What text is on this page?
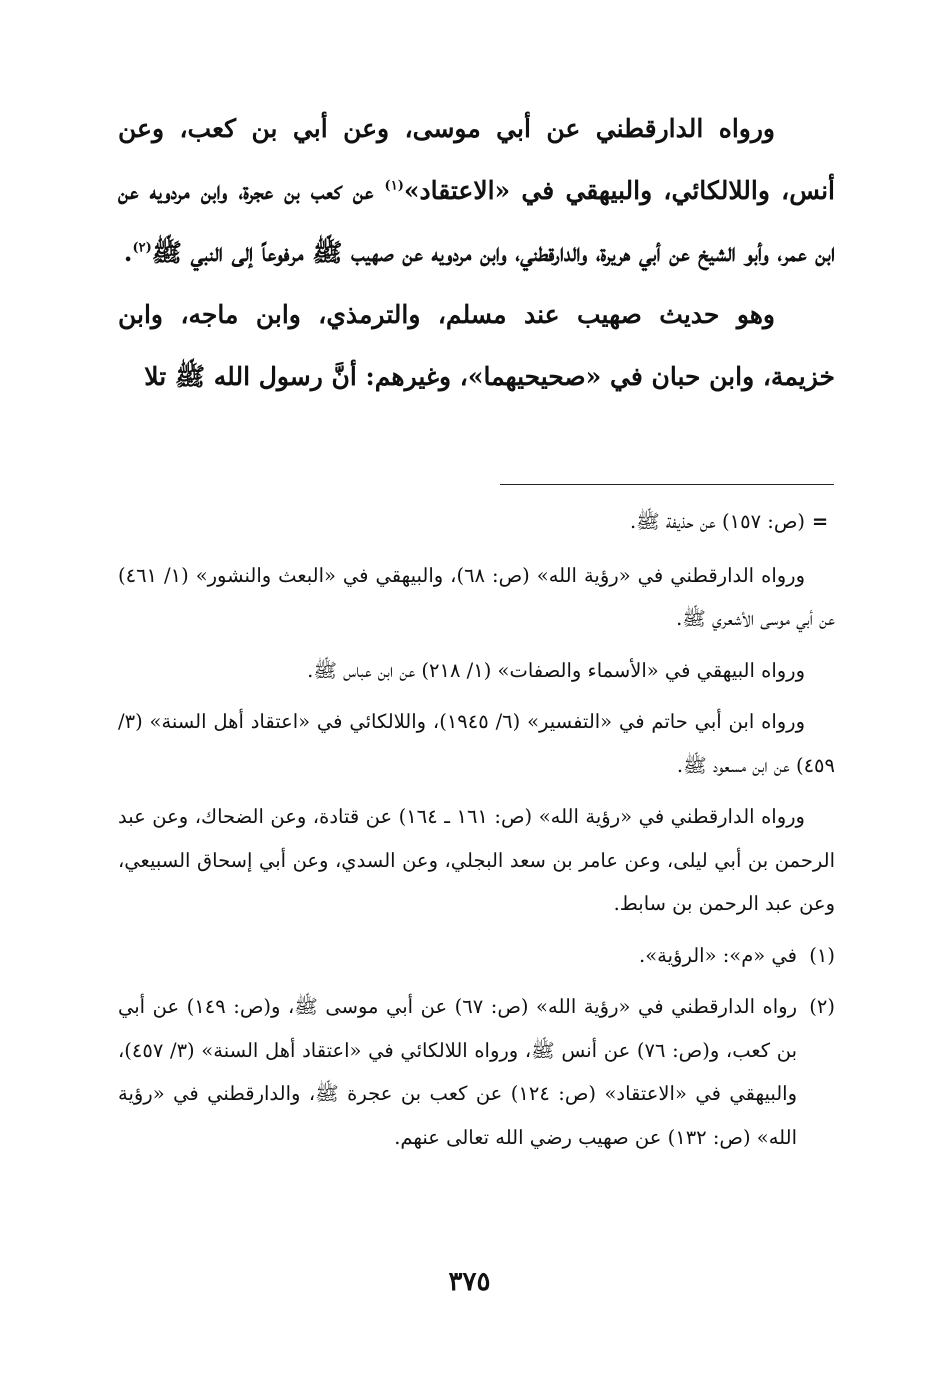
ورواه الدارقطني عن أبي موسى، وعن أبي بن كعب، وعن أنس، واللالكائي، والبيهقي في «الاعتقاد»$^{(١)}$ عن كعب بن عجرة، وابن مردويه عن ابن عمر، وأبو الشيخ عن أبي هريرة، والدارقطني، وابن مردويه عن صهيب ﷺ مرفوعاً إلى النبي ﷺ$^{(٢)}$.

وهو حديث صهيب عند مسلم، والترمذي، وابن ماجه، وابن خزيمة، وابن حبان في «صحيحيهما»، وغيرهم: أنَّ رسول الله ﷺ تلا

=(ص: ١٥٧) عن حذيفة ﷺ.

ورواه الدارقطني في «رؤية الله» (ص: ٦٨)، والبيهقي في «البعث والنشور» (١/ ٤٦١) عن أبي موسى الأشعري ﷺ.

ورواه البيهقي في «الأسماء والصفات» (١/ ٢١٨) عن ابن عباس ﷺ.

ورواه ابن أبي حاتم في «التفسير» (٦/ ١٩٤٥)، واللالكائي في «اعتقاد أهل السنة» (٣/ ٤٥٩) عن ابن مسعود ﷺ.

ورواه الدارقطني في «رؤية الله» (ص: ١٦١ ـ ١٦٤) عن قتادة، وعن الضحاك، وعن عبد الرحمن بن أبي ليلى، وعن عامر بن سعد البجلي، وعن السدي، وعن أبي إسحاق السبيعي، وعن عبد الرحمن بن سابط.

(١)
في «م»: «الرؤية».
(٢)
رواه الدارقطني في «رؤية الله» (ص: ٦٧) عن أبي موسى ﷺ، و(ص: ١٤٩) عن أبي بن كعب، و(ص: ٧٦) عن أنس ﷺ، ورواه اللالكائي في «اعتقاد أهل السنة» (٣/ ٤٥٧)، والبيهقي في «الاعتقاد» (ص: ١٢٤) عن كعب بن عجرة ﷺ، والدارقطني في «رؤية الله» (ص: ١٣٢) عن صهيب رضي الله تعالى عنهم.
٣٧٥
